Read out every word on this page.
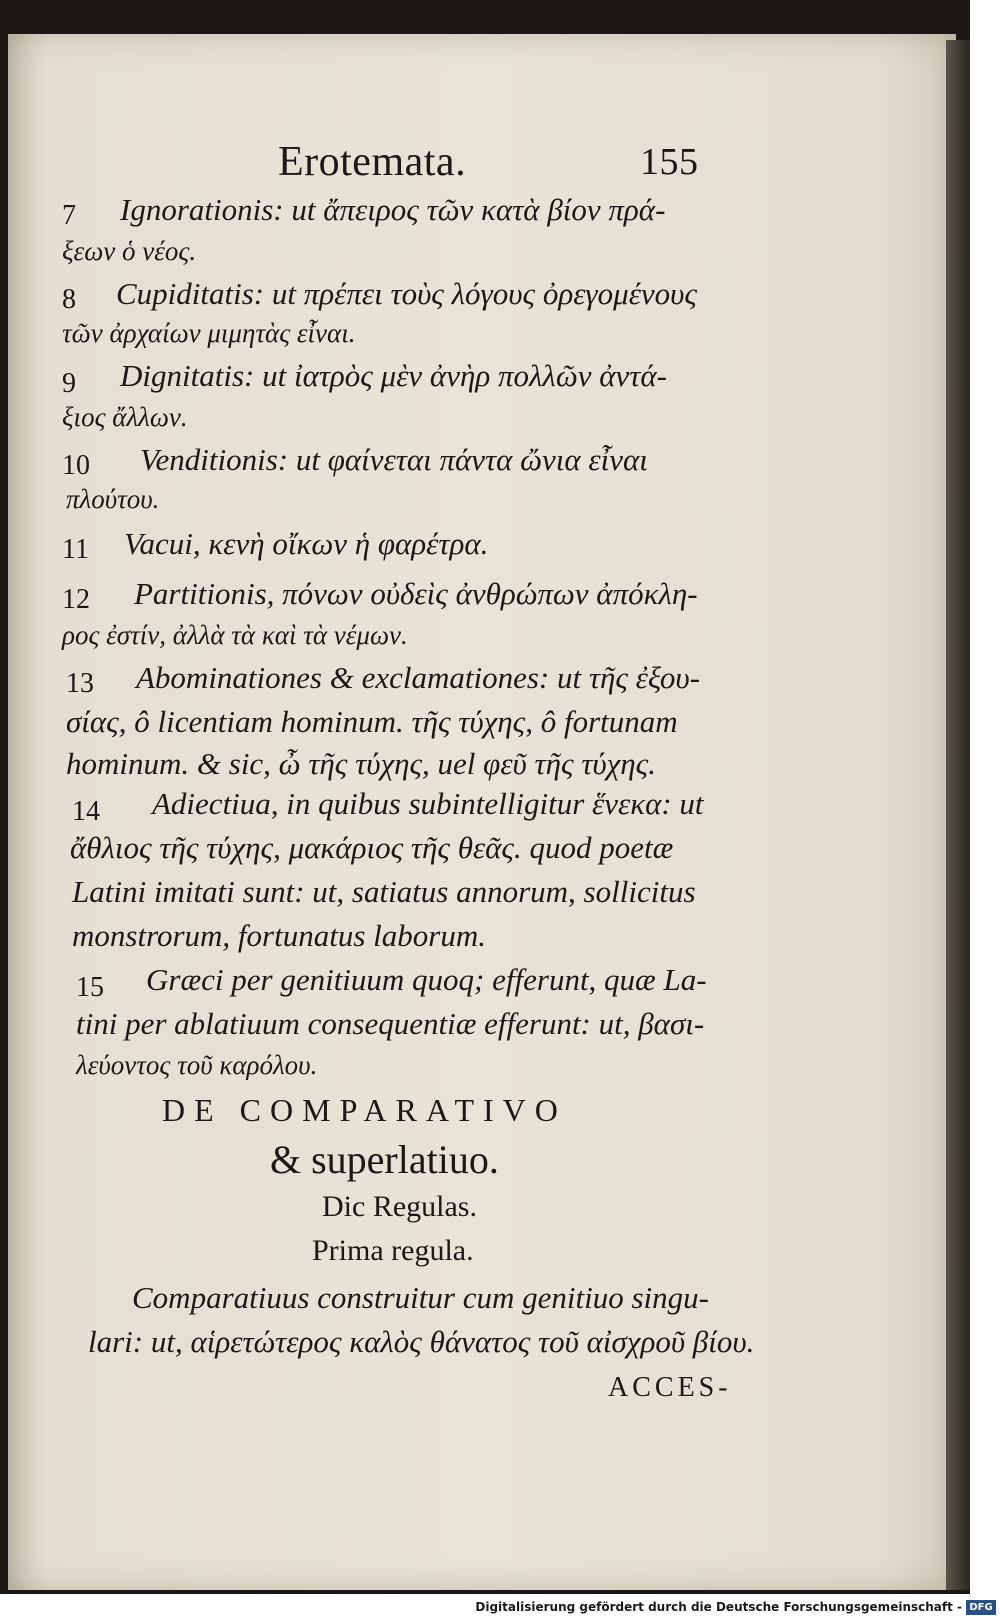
Erotemata.	155
7 Ignorationis: ut ἄπειρος τῶν κατὰ βίον πρά-
ξεων ὁ νέος.
8 Cupiditatis: ut πρέπει τοὺς λόγους ὀρεγομένους
τῶν ἀρχαίων μιμητὰς εἶναι.
9 Dignitatis: ut ἰατρὸς μὲν ἀνὴρ πολλῶν ἀντά-
ξιος ἄλλων.
10 Venditionis: ut φαίνεται πάντα ὤνια εἶναι
πλούτου.
11 Vacui, κενὴ οἴκων ἡ φαρέτρα.
12 Partitionis, πόνων οὐδεὶς ἀνθρώπων ἀπόκλη-
ρος ἐστίν, ἀλλὰ τὰ καὶ τὰ νέμων.
13 Abominationes & exclamationes: ut τῆς ἐξου-
σίας, ô licentiam hominum. τῆς τύχης, ô fortunam
hominum. & sic, ὦ τῆς τύχης, uel φεῦ τῆς τύχης.
14 Adiectiua, in quibus subintelligitur ἕνεκα: ut
ἄθλιος τῆς τύχης, μακάριος τῆς θεᾶς. quod poetæ
Latini imitati sunt: ut, satiatus annorum, sollicitus
monstrorum, fortunatus laborum.
15 Græci per genitiuum quoq; efferunt, quæ La-
tini per ablatiuum consequentiæ efferunt: ut, βασι-
λεύοντος τοῦ καρόλου.
DE COMPARATIVO
& superlatiuo.
Dic Regulas.
Prima regula.
Comparatiuus construitur cum genitiuo singu-
lari: ut, αἱρετώτερος καλὸς θάνατος τοῦ αἰσχροῦ βίου.
ACCES-
Digitalisierung gefördert durch die Deutsche Forschungsgemeinschaft - DFG
